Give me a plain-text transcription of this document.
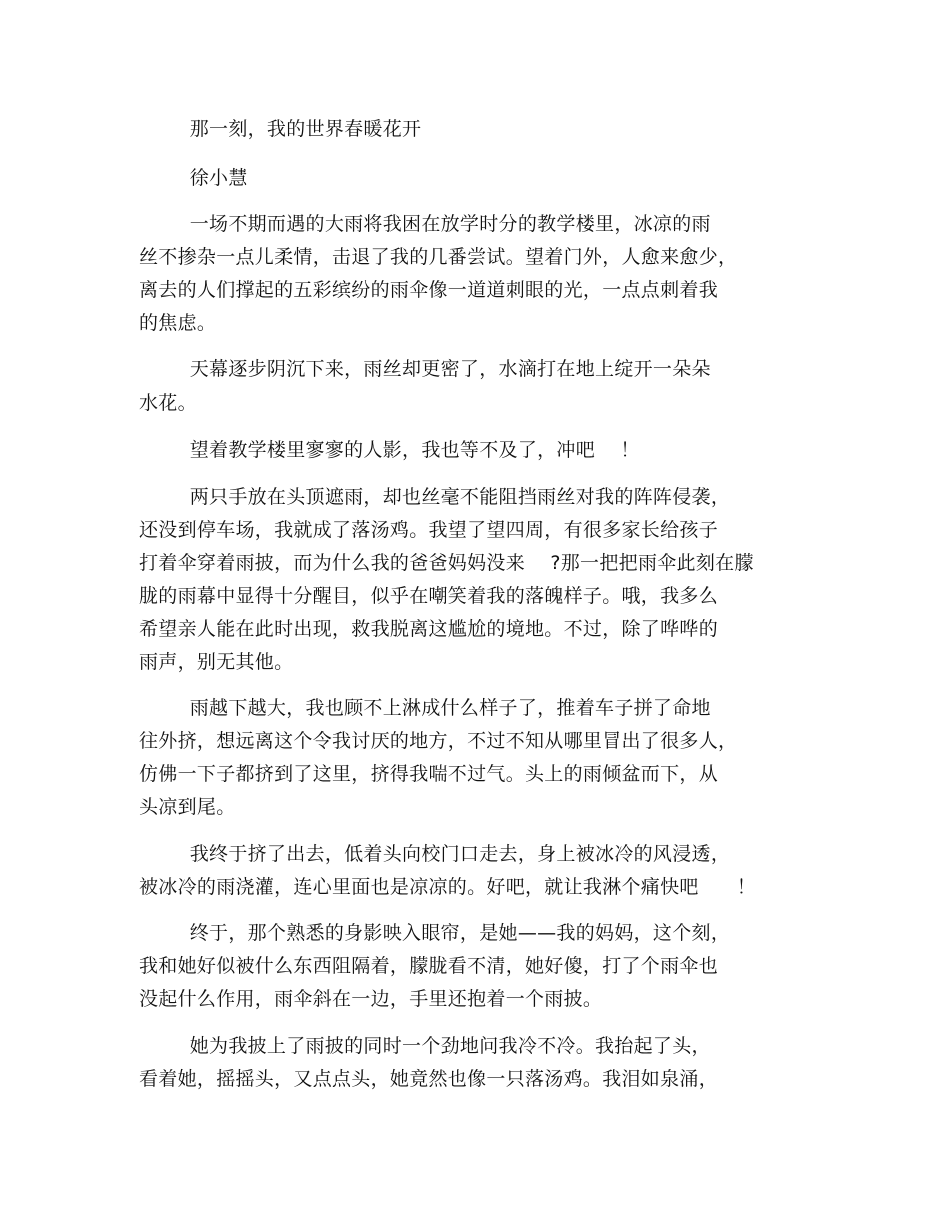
那一刻，我的世界春暖花开
徐小慧
一场不期而遇的大雨将我困在放学时分的教学楼里，冰凉的雨
丝不掺杂一点儿柔情，击退了我的几番尝试。望着门外，人愈来愈少，
离去的人们撑起的五彩缤纷的雨伞像一道道刺眼的光，一点点刺着我
的焦虑。
天幕逐步阴沉下来，雨丝却更密了，水滴打在地上绽开一朵朵
水花。
望着教学楼里寥寥的人影，我也等不及了，冲吧    ！
两只手放在头顶遮雨，却也丝毫不能阻挡雨丝对我的阵阵侵袭，
还没到停车场，我就成了落汤鸡。我望了望四周，有很多家长给孩子
打着伞穿着雨披，而为什么我的爸爸妈妈没来    ?那一把把雨伞此刻在朦
胧的雨幕中显得十分醒目，似乎在嘲笑着我的落魄样子。哦，我多么
希望亲人能在此时出现，救我脱离这尴尬的境地。不过，除了哗哗的
雨声，别无其他。
雨越下越大，我也顾不上淋成什么样子了，推着车子拼了命地
往外挤，想远离这个令我讨厌的地方，不过不知从哪里冒出了很多人，
仿佛一下子都挤到了这里，挤得我喘不过气。头上的雨倾盆而下，从
头凉到尾。
我终于挤了出去，低着头向校门口走去，身上被冰冷的风浸透，
被冰冷的雨浇灌，连心里面也是凉凉的。好吧，就让我淋个痛快吧      ！
终于，那个熟悉的身影映入眼帘，是她——我的妈妈，这个刻，
我和她好似被什么东西阻隔着，朦胧看不清，她好傻，打了个雨伞也
没起什么作用，雨伞斜在一边，手里还抱着一个雨披。
她为我披上了雨披的同时一个劲地问我冷不冷。我抬起了头，
看着她，摇摇头，又点点头，她竟然也像一只落汤鸡。我泪如泉涌，
